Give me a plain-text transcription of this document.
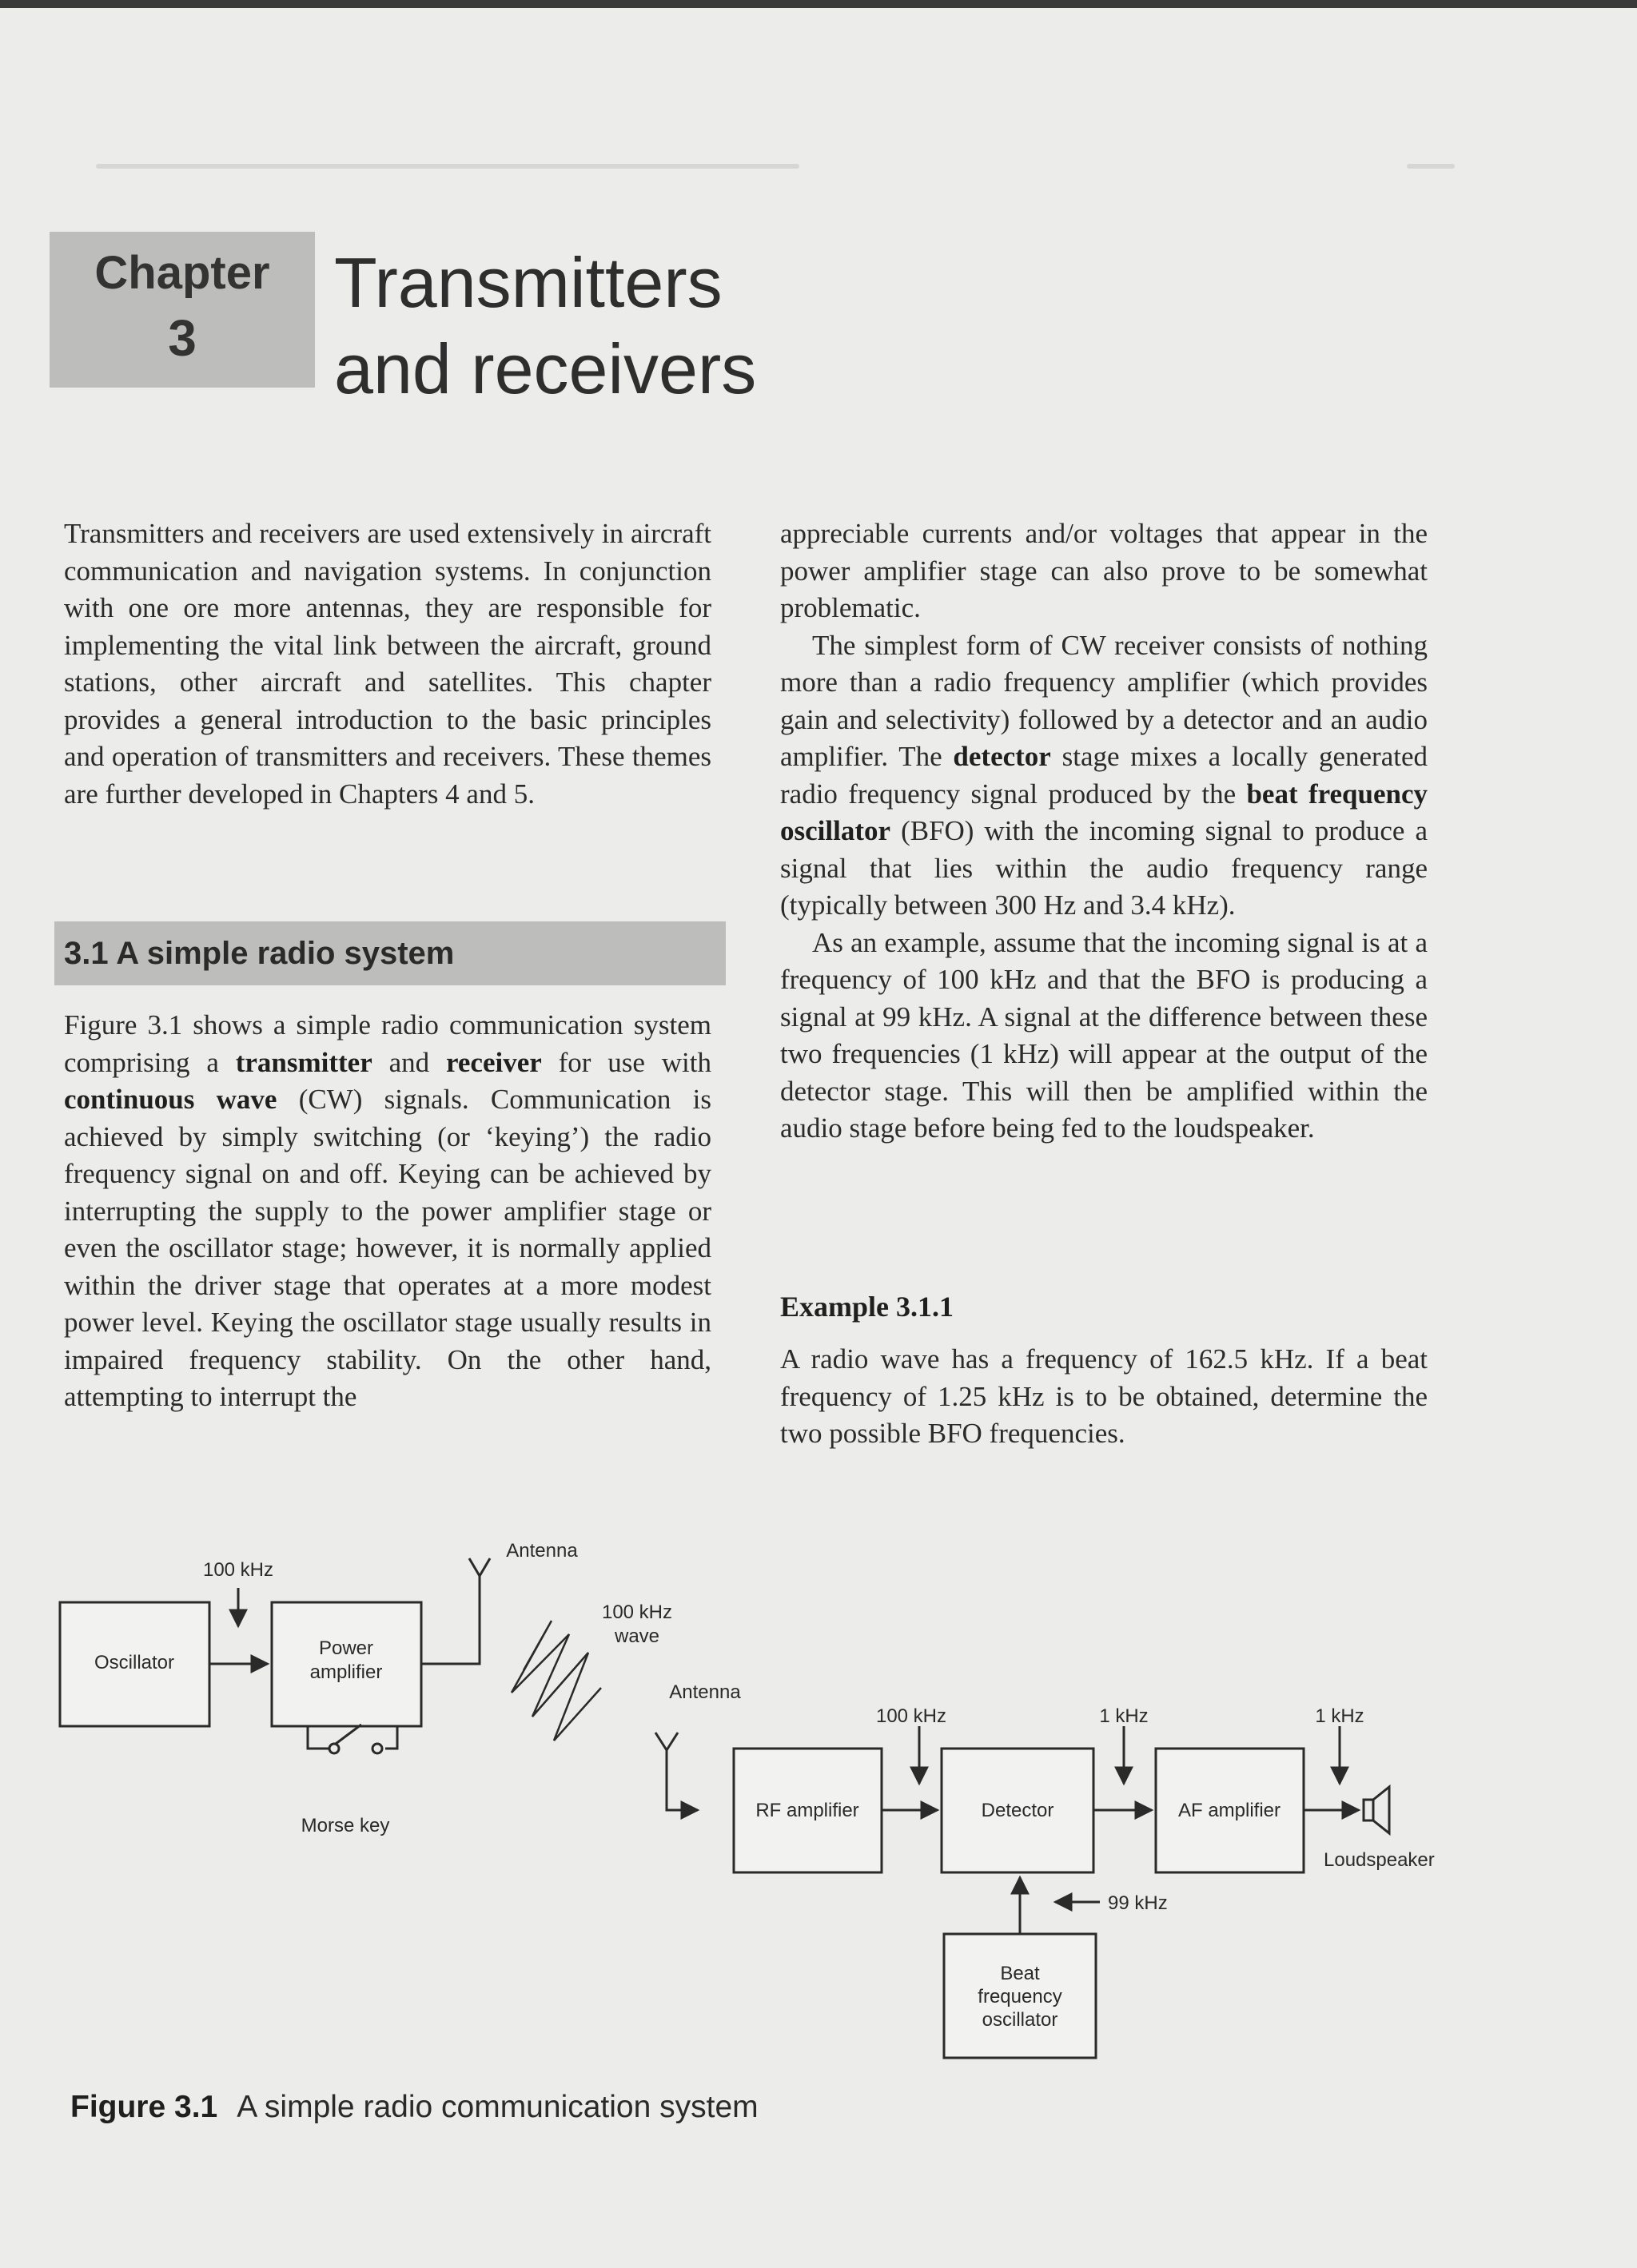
Chapter
3
Transmitters
and receivers

Transmitters and receivers are used extensively in aircraft communication and navigation systems. In conjunction with one ore more antennas, they are responsible for implementing the vital link between the aircraft, ground stations, other aircraft and satellites. This chapter provides a general introduction to the basic principles and operation of transmitters and receivers. These themes are further developed in Chapters 4 and 5.

3.1 A simple radio system

Figure 3.1 shows a simple radio communication system comprising a transmitter and receiver for use with continuous wave (CW) signals. Communication is achieved by simply switching (or ‘keying’) the radio frequency signal on and off. Keying can be achieved by interrupting the supply to the power amplifier stage or even the oscillator stage; however, it is normally applied within the driver stage that operates at a more modest power level. Keying the oscillator stage usually results in impaired frequency stability. On the other hand, attempting to interrupt the

appreciable currents and/or voltages that appear in the power amplifier stage can also prove to be somewhat problematic.

The simplest form of CW receiver consists of nothing more than a radio frequency amplifier (which provides gain and selectivity) followed by a detector and an audio amplifier. The detector stage mixes a locally generated radio frequency signal produced by the beat frequency oscillator (BFO) with the incoming signal to produce a signal that lies within the audio frequency range (typically between 300 Hz and 3.4 kHz).

As an example, assume that the incoming signal is at a frequency of 100 kHz and that the BFO is producing a signal at 99 kHz. A signal at the difference between these two frequencies (1 kHz) will appear at the output of the detector stage. This will then be amplified within the audio stage before being fed to the loudspeaker.

Example 3.1.1

A radio wave has a frequency of 162.5 kHz. If a beat frequency of 1.25 kHz is to be obtained, determine the two possible BFO frequencies.

Oscillator
Power
amplifier
100 kHz
Antenna
100 kHz
wave
Morse key
Antenna
RF amplifier	Detector	AF amplifier
Loudspeaker
100 kHz	1 kHz	1 kHz
99 kHz
Beat
frequency
oscillator
Figure 3.1 A simple radio communication system
